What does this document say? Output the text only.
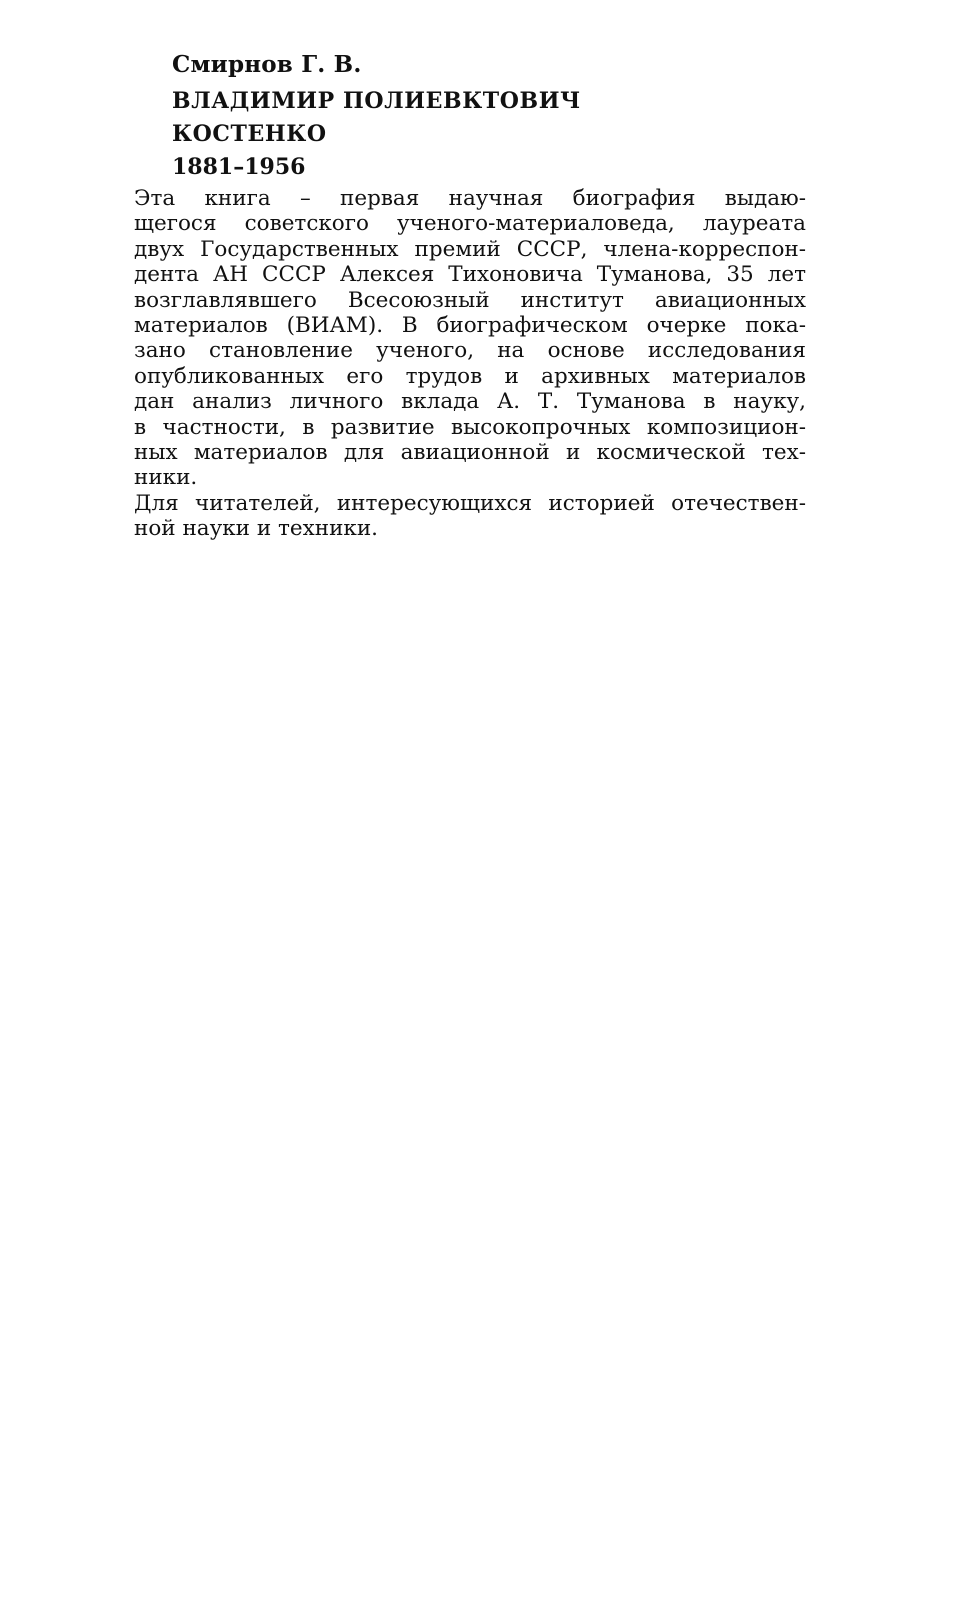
Смирнов Г. В.
ВЛАДИМИР ПОЛИЕВКТОВИЧ
КОСТЕНКО
1881–1956
Эта книга – первая научная биография выдаю-
щегося советского ученого-материаловеда, лауреата
двух Государственных премий СССР, члена-корреспон-
дента АН СССР Алексея Тихоновича Туманова, 35 лет
возглавлявшего Всесоюзный институт авиационных
материалов (ВИАМ). В биографическом очерке пока-
зано становление ученого, на основе исследования
опубликованных его трудов и архивных материалов
дан анализ личного вклада А. Т. Туманова в науку,
в частности, в развитие высокопрочных композицион-
ных материалов для авиационной и космической тех-
ники.
Для читателей, интересующихся историей отечествен-
ной науки и техники.
